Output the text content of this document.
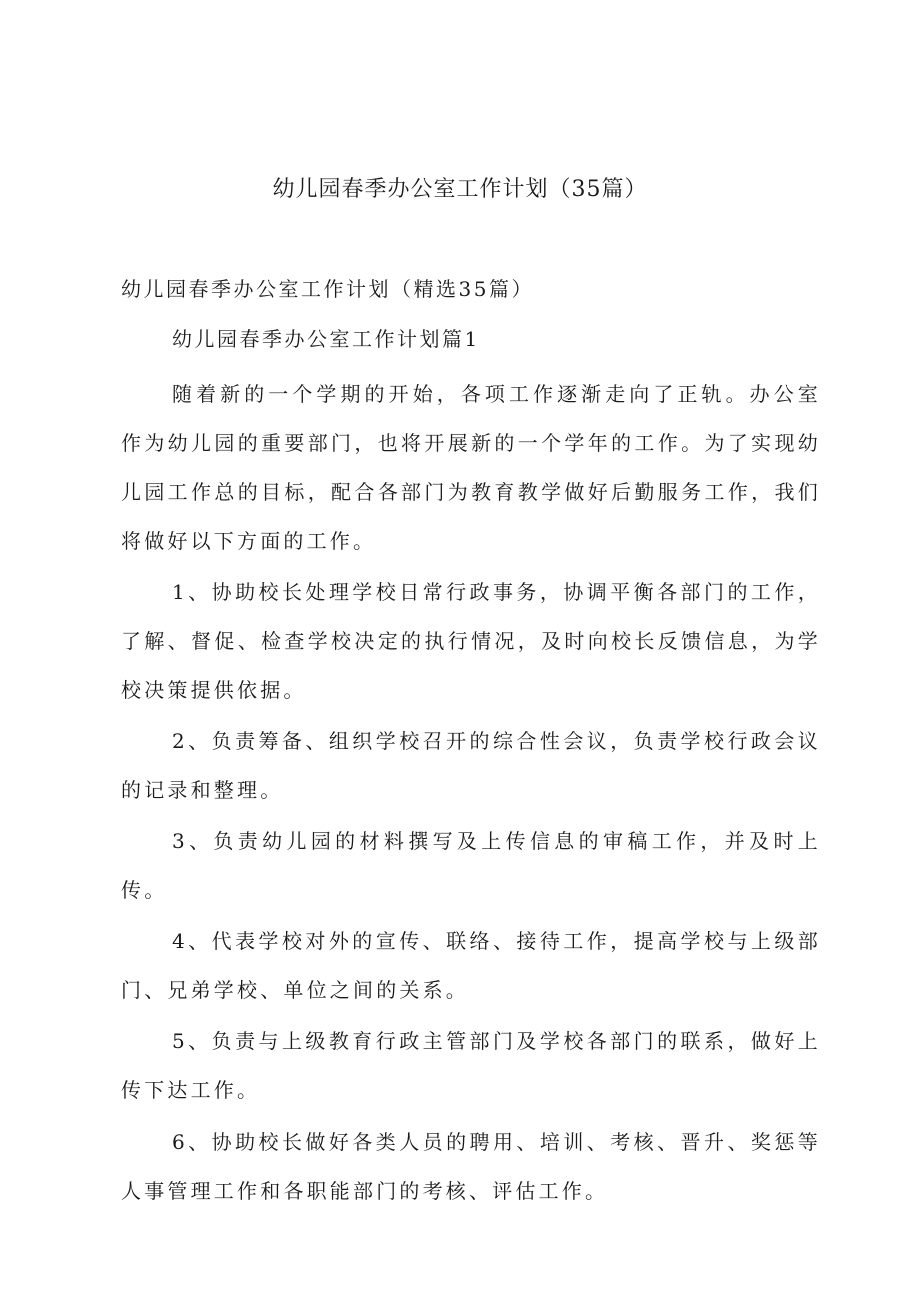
幼儿园春季办公室工作计划（35篇）

幼儿园春季办公室工作计划（精选35篇）

幼儿园春季办公室工作计划篇1

随着新的一个学期的开始，各项工作逐渐走向了正轨。办公室作为幼儿园的重要部门，也将开展新的一个学年的工作。为了实现幼儿园工作总的目标，配合各部门为教育教学做好后勤服务工作，我们将做好以下方面的工作。

1、协助校长处理学校日常行政事务，协调平衡各部门的工作，了解、督促、检查学校决定的执行情况，及时向校长反馈信息，为学校决策提供依据。

2、负责筹备、组织学校召开的综合性会议，负责学校行政会议的记录和整理。

3、负责幼儿园的材料撰写及上传信息的审稿工作，并及时上传。

4、代表学校对外的宣传、联络、接待工作，提高学校与上级部门、兄弟学校、单位之间的关系。

5、负责与上级教育行政主管部门及学校各部门的联系，做好上传下达工作。

6、协助校长做好各类人员的聘用、培训、考核、晋升、奖惩等人事管理工作和各职能部门的考核、评估工作。
